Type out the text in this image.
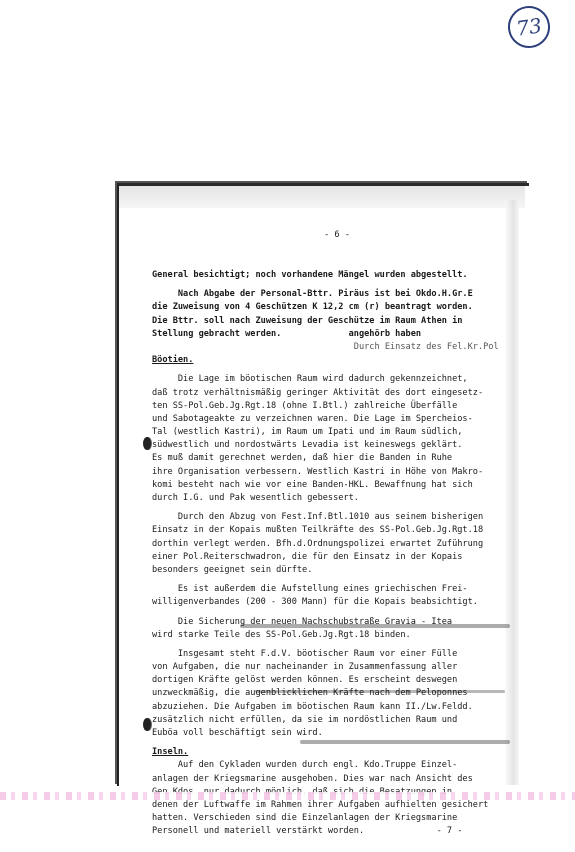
73

- 6 -

General besichtigt; noch vorhandene Mängel wurden abgestellt.
Nach Abgabe der Personal-Bttr. Piräus ist bei Okdo.H.Gr.E
die Zuweisung von 4 Geschützen K 12,2 cm (r) beantragt worden.
Die Bttr. soll nach Zuweisung der Geschütze im Raum Athen in
Stellung gebracht werden.             angehörb haben
Durch Einsatz des Fel.Kr.Pol
Böotien.
Die Lage im böotischen Raum wird dadurch gekennzeichnet,
daß trotz verhältnismäßig geringer Aktivität des dort eingesetz-
ten SS-Pol.Geb.Jg.Rgt.18 (ohne I.Btl.) zahlreiche Überfälle
und Sabotageakte zu verzeichnen waren. Die Lage im Spercheios-
Tal (westlich Kastri), im Raum um Ipati und im Raum südlich,
südwestlich und nordostwärts Levadia ist keineswegs geklärt.
Es muß damit gerechnet werden, daß hier die Banden in Ruhe
ihre Organisation verbessern. Westlich Kastri in Höhe von Makro-
komi besteht nach wie vor eine Banden-HKL. Bewaffnung hat sich
durch I.G. und Pak wesentlich gebessert.
Durch den Abzug von Fest.Inf.Btl.1010 aus seinem bisherigen
Einsatz in der Kopais mußten Teilkräfte des SS-Pol.Geb.Jg.Rgt.18
dorthin verlegt werden. Bfh.d.Ordnungspolizei erwartet Zuführung
einer Pol.Reiterschwadron, die für den Einsatz in der Kopais
besonders geeignet sein dürfte.
Es ist außerdem die Aufstellung eines griechischen Frei-
willigenverbandes (200 - 300 Mann) für die Kopais beabsichtigt.
Die Sicherung der neuen Nachschubstraße Gravia - Itea
wird starke Teile des SS-Pol.Geb.Jg.Rgt.18 binden.
Insgesamt steht F.d.V. böotischer Raum vor einer Fülle
von Aufgaben, die nur nacheinander in Zusammenfassung aller
dortigen Kräfte gelöst werden können. Es erscheint deswegen
unzweckmäßig, die augenblicklichen Kräfte nach dem Peloponnes
abzuziehen. Die Aufgaben im böotischen Raum kann II./Lw.Feldd.
zusätzlich nicht erfüllen, da sie im nordöstlichen Raum und
Euböa voll beschäftigt sein wird.
Inseln.
Auf den Cykladen wurden durch engl. Kdo.Truppe Einzel-
anlagen der Kriegsmarine ausgehoben. Dies war nach Ansicht des
denen der Luftwaffe im Rahmen ihrer Aufgaben aufhielten gesichert
hatten. Verschieden sind die Einzelanlagen der Kriegsmarine
Personell und materiell verstärkt worden.              - 7 -
